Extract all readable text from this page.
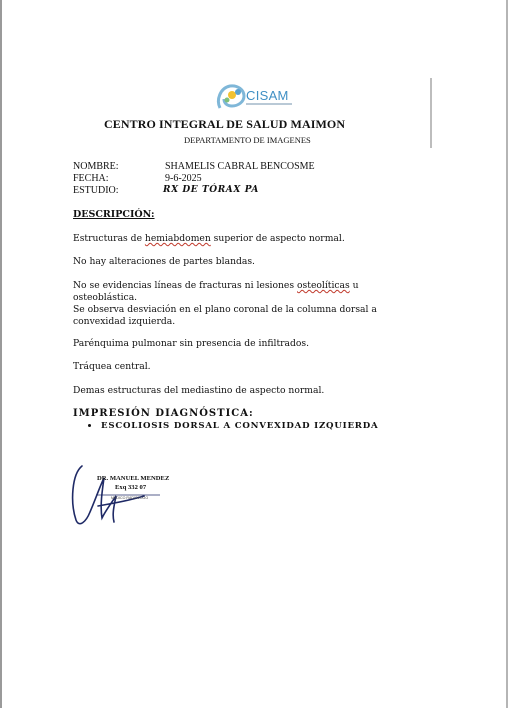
CISAM
CENTRO INTEGRAL DE SALUD MAIMON
DEPARTAMENTO DE IMAGENES
NOMBRE:	SHAMELIS CABRAL BENCOSME
FECHA:	9-6-2025
ESTUDIO:	RX DE TÓRAX PA
DESCRIPCIÓN:
Estructuras de hemiabdomen superior de aspecto normal.
No hay alteraciones de partes blandas.
No se evidencias líneas de fracturas ni lesiones osteolíticas u osteoblástica.
Se observa desviación en el plano coronal de la columna dorsal a convexidad izquierda.
Parénquima pulmonar sin presencia de infiltrados.
Tráquea central.
Demas estructuras del mediastino de aspecto normal.
IMPRESIÓN DIAGNÓSTICA:
ESCOLIOSIS DORSAL A CONVEXIDAD IZQUIERDA
DR. MANUEL MENDEZ
Exq 332 07
MEDICO RADIOLOGO
